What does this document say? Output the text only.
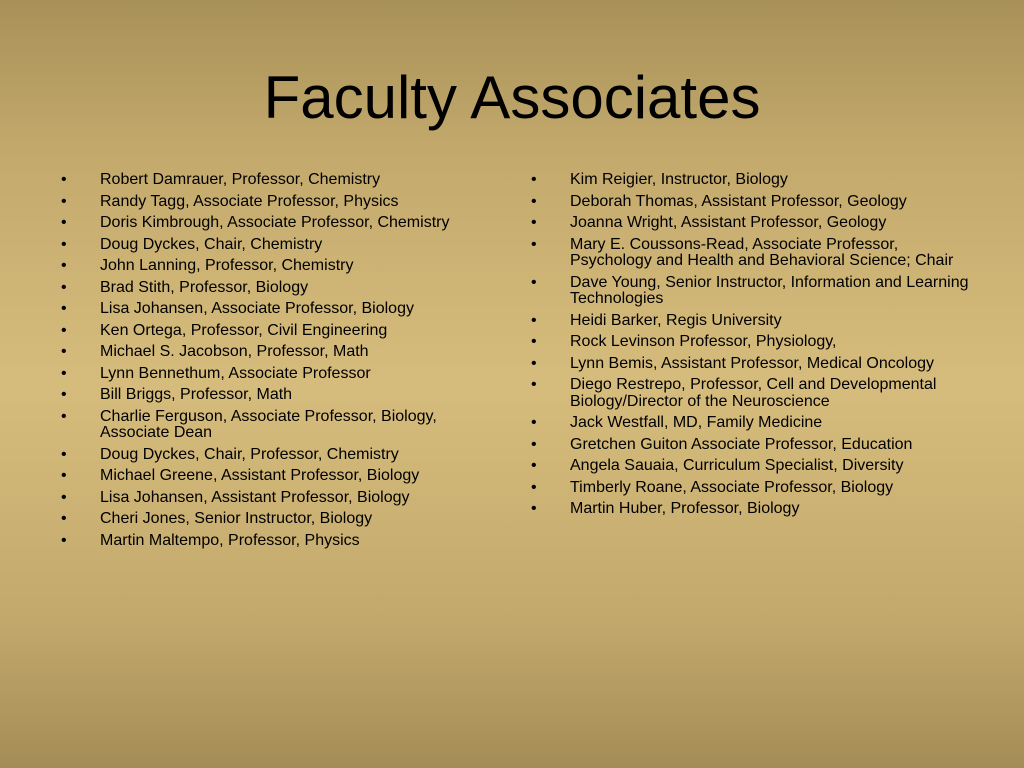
Faculty Associates
• Robert Damrauer, Professor, Chemistry
• Randy Tagg, Associate Professor, Physics
• Doris Kimbrough, Associate Professor, Chemistry
• Doug Dyckes, Chair, Chemistry
• John Lanning, Professor, Chemistry
• Brad Stith, Professor, Biology
• Lisa Johansen, Associate Professor, Biology
• Ken Ortega, Professor, Civil Engineering
• Michael S. Jacobson, Professor, Math
• Lynn Bennethum, Associate Professor
• Bill Briggs, Professor, Math
• Charlie Ferguson, Associate Professor, Biology, Associate Dean
• Doug Dyckes, Chair, Professor, Chemistry
• Michael Greene, Assistant Professor, Biology
• Lisa Johansen, Assistant Professor, Biology
• Cheri Jones, Senior Instructor, Biology
• Martin Maltempo, Professor, Physics
• Kim Reigier, Instructor, Biology
• Deborah Thomas, Assistant Professor, Geology
• Joanna Wright, Assistant Professor, Geology
• Mary E. Coussons-Read, Associate Professor, Psychology and Health and Behavioral Science; Chair
• Dave Young, Senior Instructor, Information and Learning Technologies
• Heidi Barker, Regis University
• Rock Levinson Professor, Physiology,
• Lynn Bemis, Assistant Professor, Medical Oncology
• Diego Restrepo, Professor, Cell and Developmental Biology/Director of the Neuroscience
• Jack Westfall, MD, Family Medicine
• Gretchen Guiton Associate Professor, Education
• Angela Sauaia, Curriculum Specialist, Diversity
• Timberly Roane, Associate Professor, Biology
• Martin Huber, Professor, Biology
